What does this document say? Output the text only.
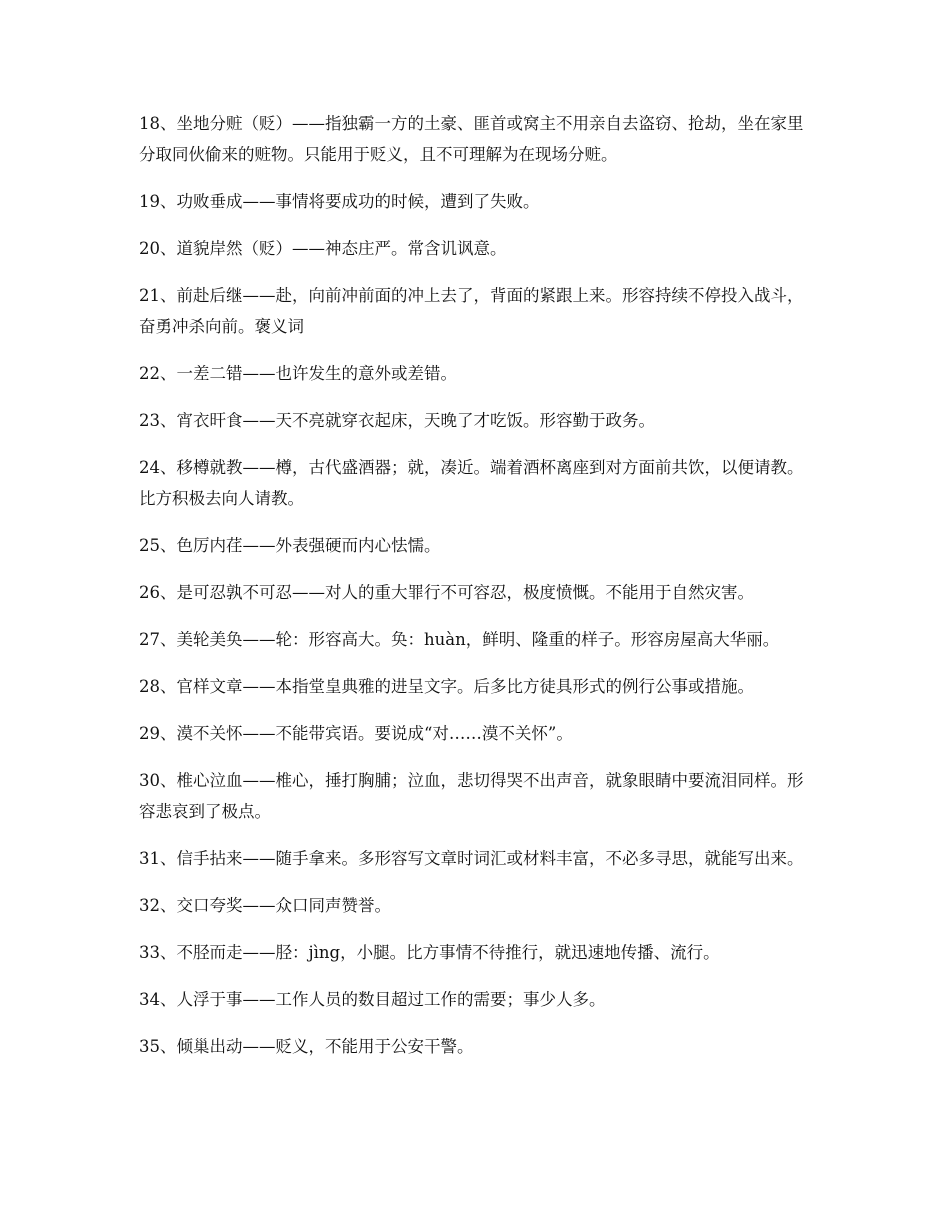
18、坐地分赃（贬）——指独霸一方的土豪、匪首或窝主不用亲自去盗窃、抢劫，坐在家里分取同伙偷来的赃物。只能用于贬义，且不可理解为在现场分赃。

19、功败垂成——事情将要成功的时候，遭到了失败。

20、道貌岸然（贬）——神态庄严。常含讥讽意。

21、前赴后继——赴，向前冲前面的冲上去了，背面的紧跟上来。形容持续不停投入战斗，奋勇冲杀向前。褒义词

22、一差二错——也许发生的意外或差错。

23、宵衣旰食——天不亮就穿衣起床，天晚了才吃饭。形容勤于政务。

24、移樽就教——樽，古代盛酒器；就，凑近。端着酒杯离座到对方面前共饮，以便请教。比方积极去向人请教。

25、色厉内荏——外表强硬而内心怯懦。

26、是可忍孰不可忍——对人的重大罪行不可容忍，极度愤慨。不能用于自然灾害。

27、美轮美奂——轮：形容高大。奂：huàn，鲜明、隆重的样子。形容房屋高大华丽。

28、官样文章——本指堂皇典雅的进呈文字。后多比方徒具形式的例行公事或措施。

29、漠不关怀——不能带宾语。要说成“对……漠不关怀”。

30、椎心泣血——椎心，捶打胸脯；泣血，悲切得哭不出声音，就象眼睛中要流泪同样。形容悲哀到了极点。

31、信手拈来——随手拿来。多形容写文章时词汇或材料丰富，不必多寻思，就能写出来。

32、交口夸奖——众口同声赞誉。

33、不胫而走——胫：jìng，小腿。比方事情不待推行，就迅速地传播、流行。

34、人浮于事——工作人员的数目超过工作的需要；事少人多。

35、倾巢出动——贬义，不能用于公安干警。
